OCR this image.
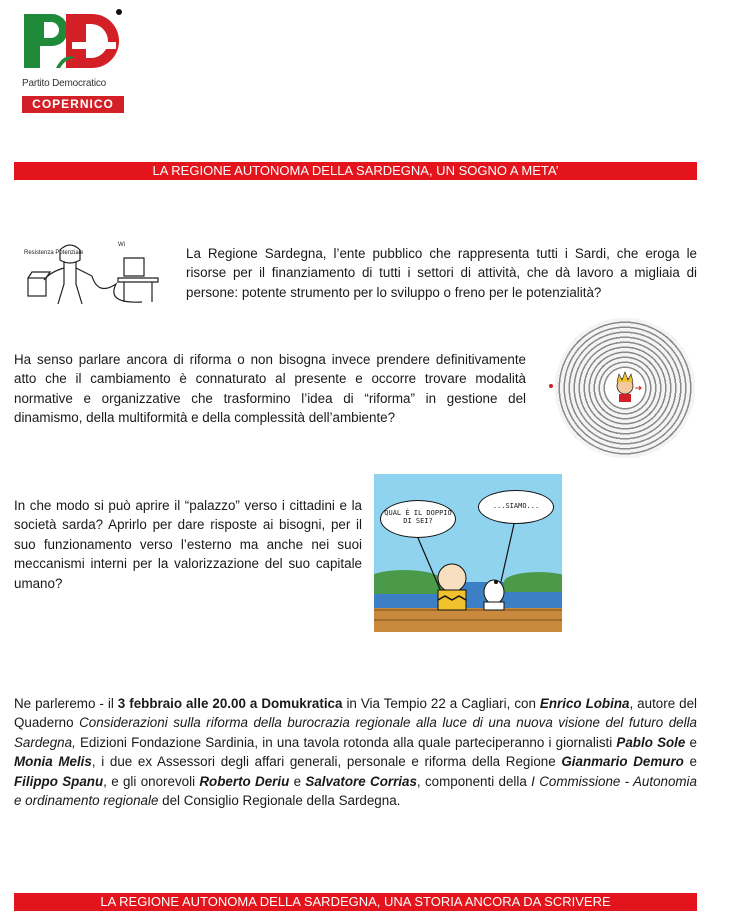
Partito Democratico
COPERNICO
LA REGIONE AUTONOMA DELLA SARDEGNA, UN SOGNO A META’
Resistenza Potenziale
Wi
La Regione Sardegna, l’ente pubblico che rappresenta tutti i Sardi, che eroga le risorse per il finanziamento di tutti i settori di attività, che dà lavoro a migliaia di persone: potente strumento per lo sviluppo o freno per le potenzialità?
Ha senso parlare ancora di riforma o non bisogna invece prendere definitivamente atto che il cambiamento è connaturato al presente e occorre trovare modalità normative e organizzative che trasformino l’idea di “riforma” in gestione del dinamismo, della multiformità e della complessità dell’ambiente?
In che modo si può aprire il “palazzo” verso i cittadini e la società sarda? Aprirlo per dare risposte ai bisogni, per il suo funzionamento verso l’esterno ma anche nei suoi meccanismi interni per la valorizzazione del suo capitale umano?
QUAL È IL DOPPIO DI SEI?
...SIAMO...
Ne parleremo - il 3 febbraio alle 20.00 a Domukratica in Via Tempio 22 a Cagliari, con Enrico Lobina, autore del Quaderno Considerazioni sulla riforma della burocrazia regionale alla luce di una nuova visione del futuro della Sardegna, Edizioni Fondazione Sardinia, in una tavola rotonda alla quale parteciperanno i giornalisti Pablo Sole e Monia Melis, i due ex Assessori degli affari generali, personale e riforma della Regione Gianmario Demuro e Filippo Spanu, e gli onorevoli Roberto Deriu e Salvatore Corrias, componenti della I Commissione - Autonomia e ordinamento regionale del Consiglio Regionale della Sardegna.
LA REGIONE AUTONOMA DELLA SARDEGNA, UNA STORIA ANCORA DA SCRIVERE
